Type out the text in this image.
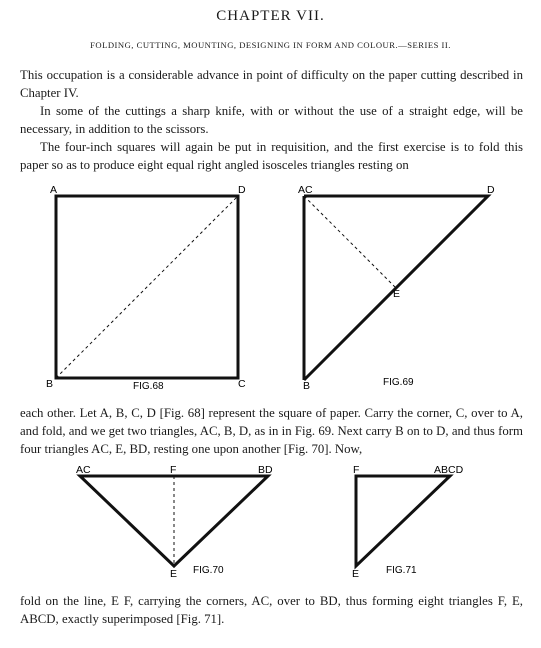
CHAPTER VII.
FOLDING, CUTTING, MOUNTING, DESIGNING IN FORM AND COLOUR.—SERIES II.

This occupation is a considerable advance in point of difficulty on the paper cutting described in Chapter IV.

In some of the cuttings a sharp knife, with or without the use of a straight edge, will be necessary, in addition to the scissors.

The four-inch squares will again be put in requisition, and the first exercise is to fold this paper so as to produce eight equal right angled isosceles triangles resting on

A	D
B	C
FIG.68
AC	D
E
B	FIG.69

each other. Let A, B, C, D [Fig. 68] represent the square of paper. Carry the corner, C, over to A, and fold, and we get two triangles, AC, B, D, as in in Fig. 69. Next carry B on to D, and thus form four triangles AC, E, BD, resting one upon another [Fig. 70]. Now,

AC	F	BD
E FIG.70
F	ABCD
E	FIG.71

fold on the line, E F, carrying the corners, AC, over to BD, thus forming eight triangles F, E, ABCD, exactly superimposed [Fig. 71].
